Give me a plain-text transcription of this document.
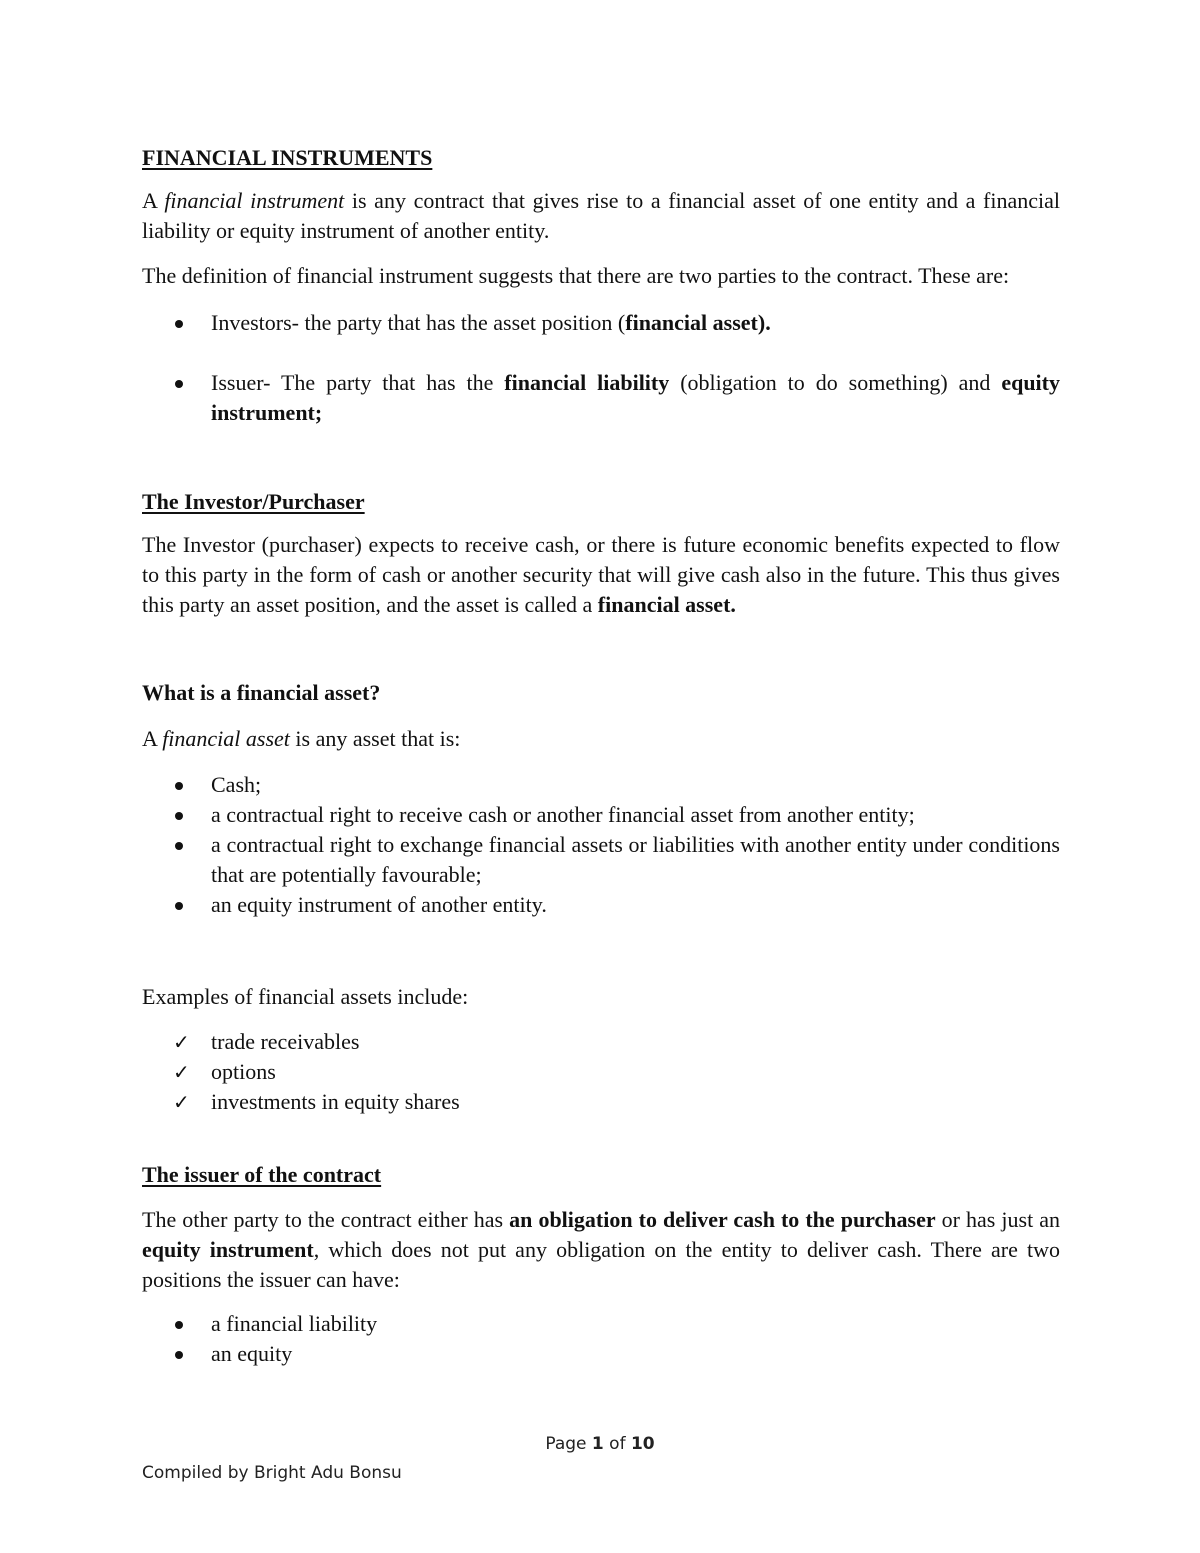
FINANCIAL INSTRUMENTS

A financial instrument is any contract that gives rise to a financial asset of one entity and a financial liability or equity instrument of another entity.

The definition of financial instrument suggests that there are two parties to the contract. These are:

Investors- the party that has the asset position (financial asset).
Issuer- The party that has the financial liability (obligation to do something) and equity instrument;
The Investor/Purchaser

The Investor (purchaser) expects to receive cash, or there is future economic benefits expected to flow to this party in the form of cash or another security that will give cash also in the future. This thus gives this party an asset position, and the asset is called a financial asset.

What is a financial asset?

A financial asset is any asset that is:

Cash;
a contractual right to receive cash or another financial asset from another entity;
a contractual right to exchange financial assets or liabilities with another entity under conditions that are potentially favourable;
an equity instrument of another entity.

Examples of financial assets include:

✓ trade receivables
✓ options
✓ investments in equity shares
The issuer of the contract

The other party to the contract either has an obligation to deliver cash to the purchaser or has just an equity instrument, which does not put any obligation on the entity to deliver cash. There are two positions the issuer can have:

a financial liability
an equity
Page 1 of 10
Compiled by Bright Adu Bonsu
